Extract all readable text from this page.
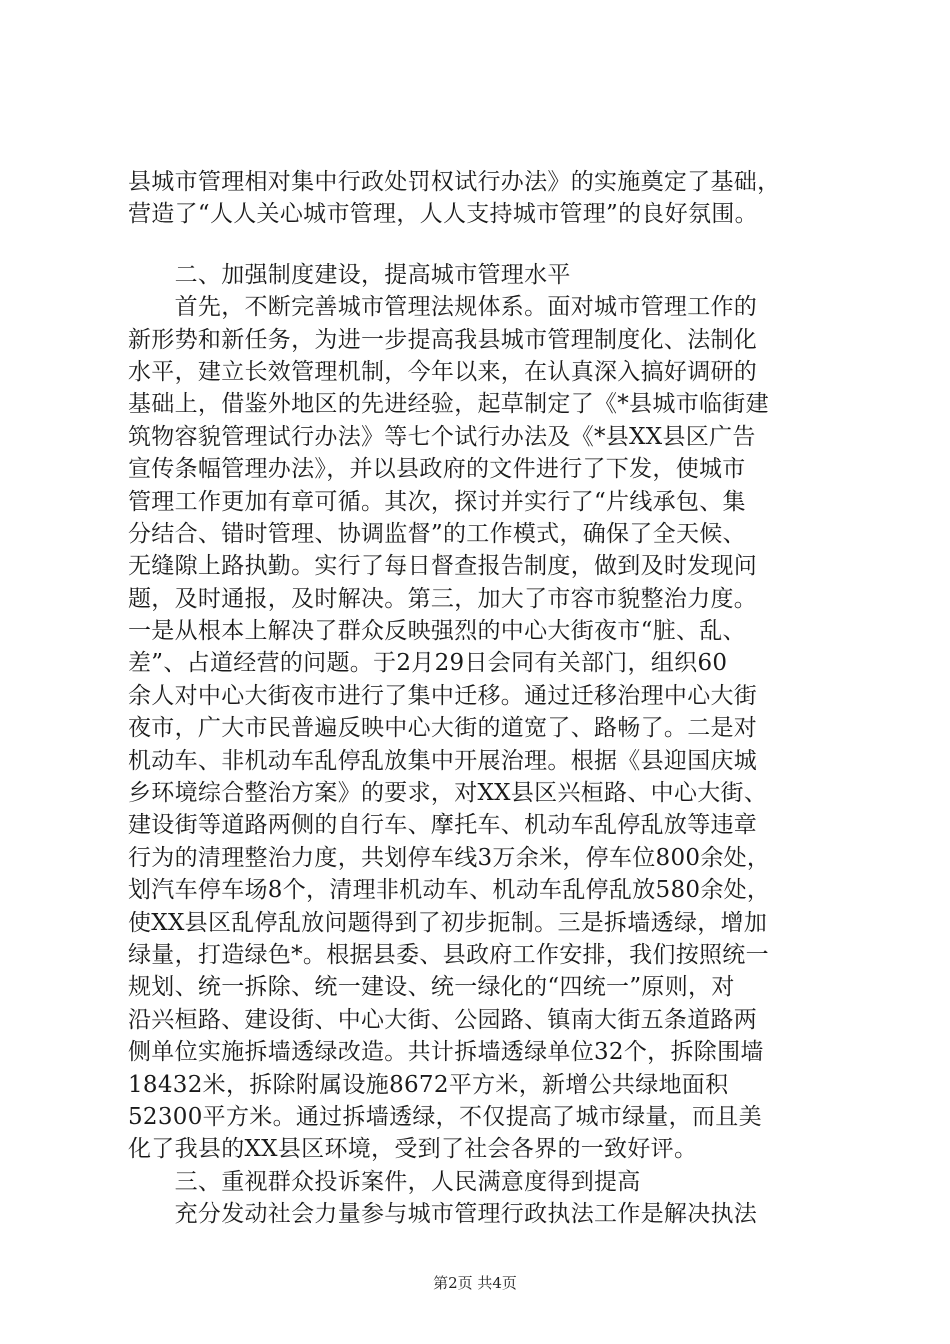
县城市管理相对集中行政处罚权试行办法》的实施奠定了基础，
营造了“人人关心城市管理，人人支持城市管理”的良好氛围。
　　二、加强制度建设，提高城市管理水平
　　首先，不断完善城市管理法规体系。面对城市管理工作的
新形势和新任务，为进一步提高我县城市管理制度化、法制化
水平，建立长效管理机制，今年以来，在认真深入搞好调研的
基础上，借鉴外地区的先进经验，起草制定了《*县城市临街建
筑物容貌管理试行办法》等七个试行办法及《*县XX县区广告
宣传条幅管理办法》，并以县政府的文件进行了下发，使城市
管理工作更加有章可循。其次，探讨并实行了“片线承包、集
分结合、错时管理、协调监督”的工作模式，确保了全天候、
无缝隙上路执勤。实行了每日督查报告制度，做到及时发现问
题，及时通报，及时解决。第三，加大了市容市貌整治力度。
一是从根本上解决了群众反映强烈的中心大街夜市“脏、乱、
差”、占道经营的问题。于2月29日会同有关部门，组织60
余人对中心大街夜市进行了集中迁移。通过迁移治理中心大街
夜市，广大市民普遍反映中心大街的道宽了、路畅了。二是对
机动车、非机动车乱停乱放集中开展治理。根据《县迎国庆城
乡环境综合整治方案》的要求，对XX县区兴桓路、中心大街、
建设街等道路两侧的自行车、摩托车、机动车乱停乱放等违章
行为的清理整治力度，共划停车线3万余米，停车位800余处，
划汽车停车场8个，清理非机动车、机动车乱停乱放580余处，
使XX县区乱停乱放问题得到了初步扼制。三是拆墙透绿，增加
绿量，打造绿色*。根据县委、县政府工作安排，我们按照统一
规划、统一拆除、统一建设、统一绿化的“四统一”原则，对
沿兴桓路、建设街、中心大街、公园路、镇南大街五条道路两
侧单位实施拆墙透绿改造。共计拆墙透绿单位32个，拆除围墙
18432米，拆除附属设施8672平方米，新增公共绿地面积
52300平方米。通过拆墙透绿，不仅提高了城市绿量，而且美
化了我县的XX县区环境，受到了社会各界的一致好评。
　　三、重视群众投诉案件，人民满意度得到提高
　　充分发动社会力量参与城市管理行政执法工作是解决执法
第2页 共4页
